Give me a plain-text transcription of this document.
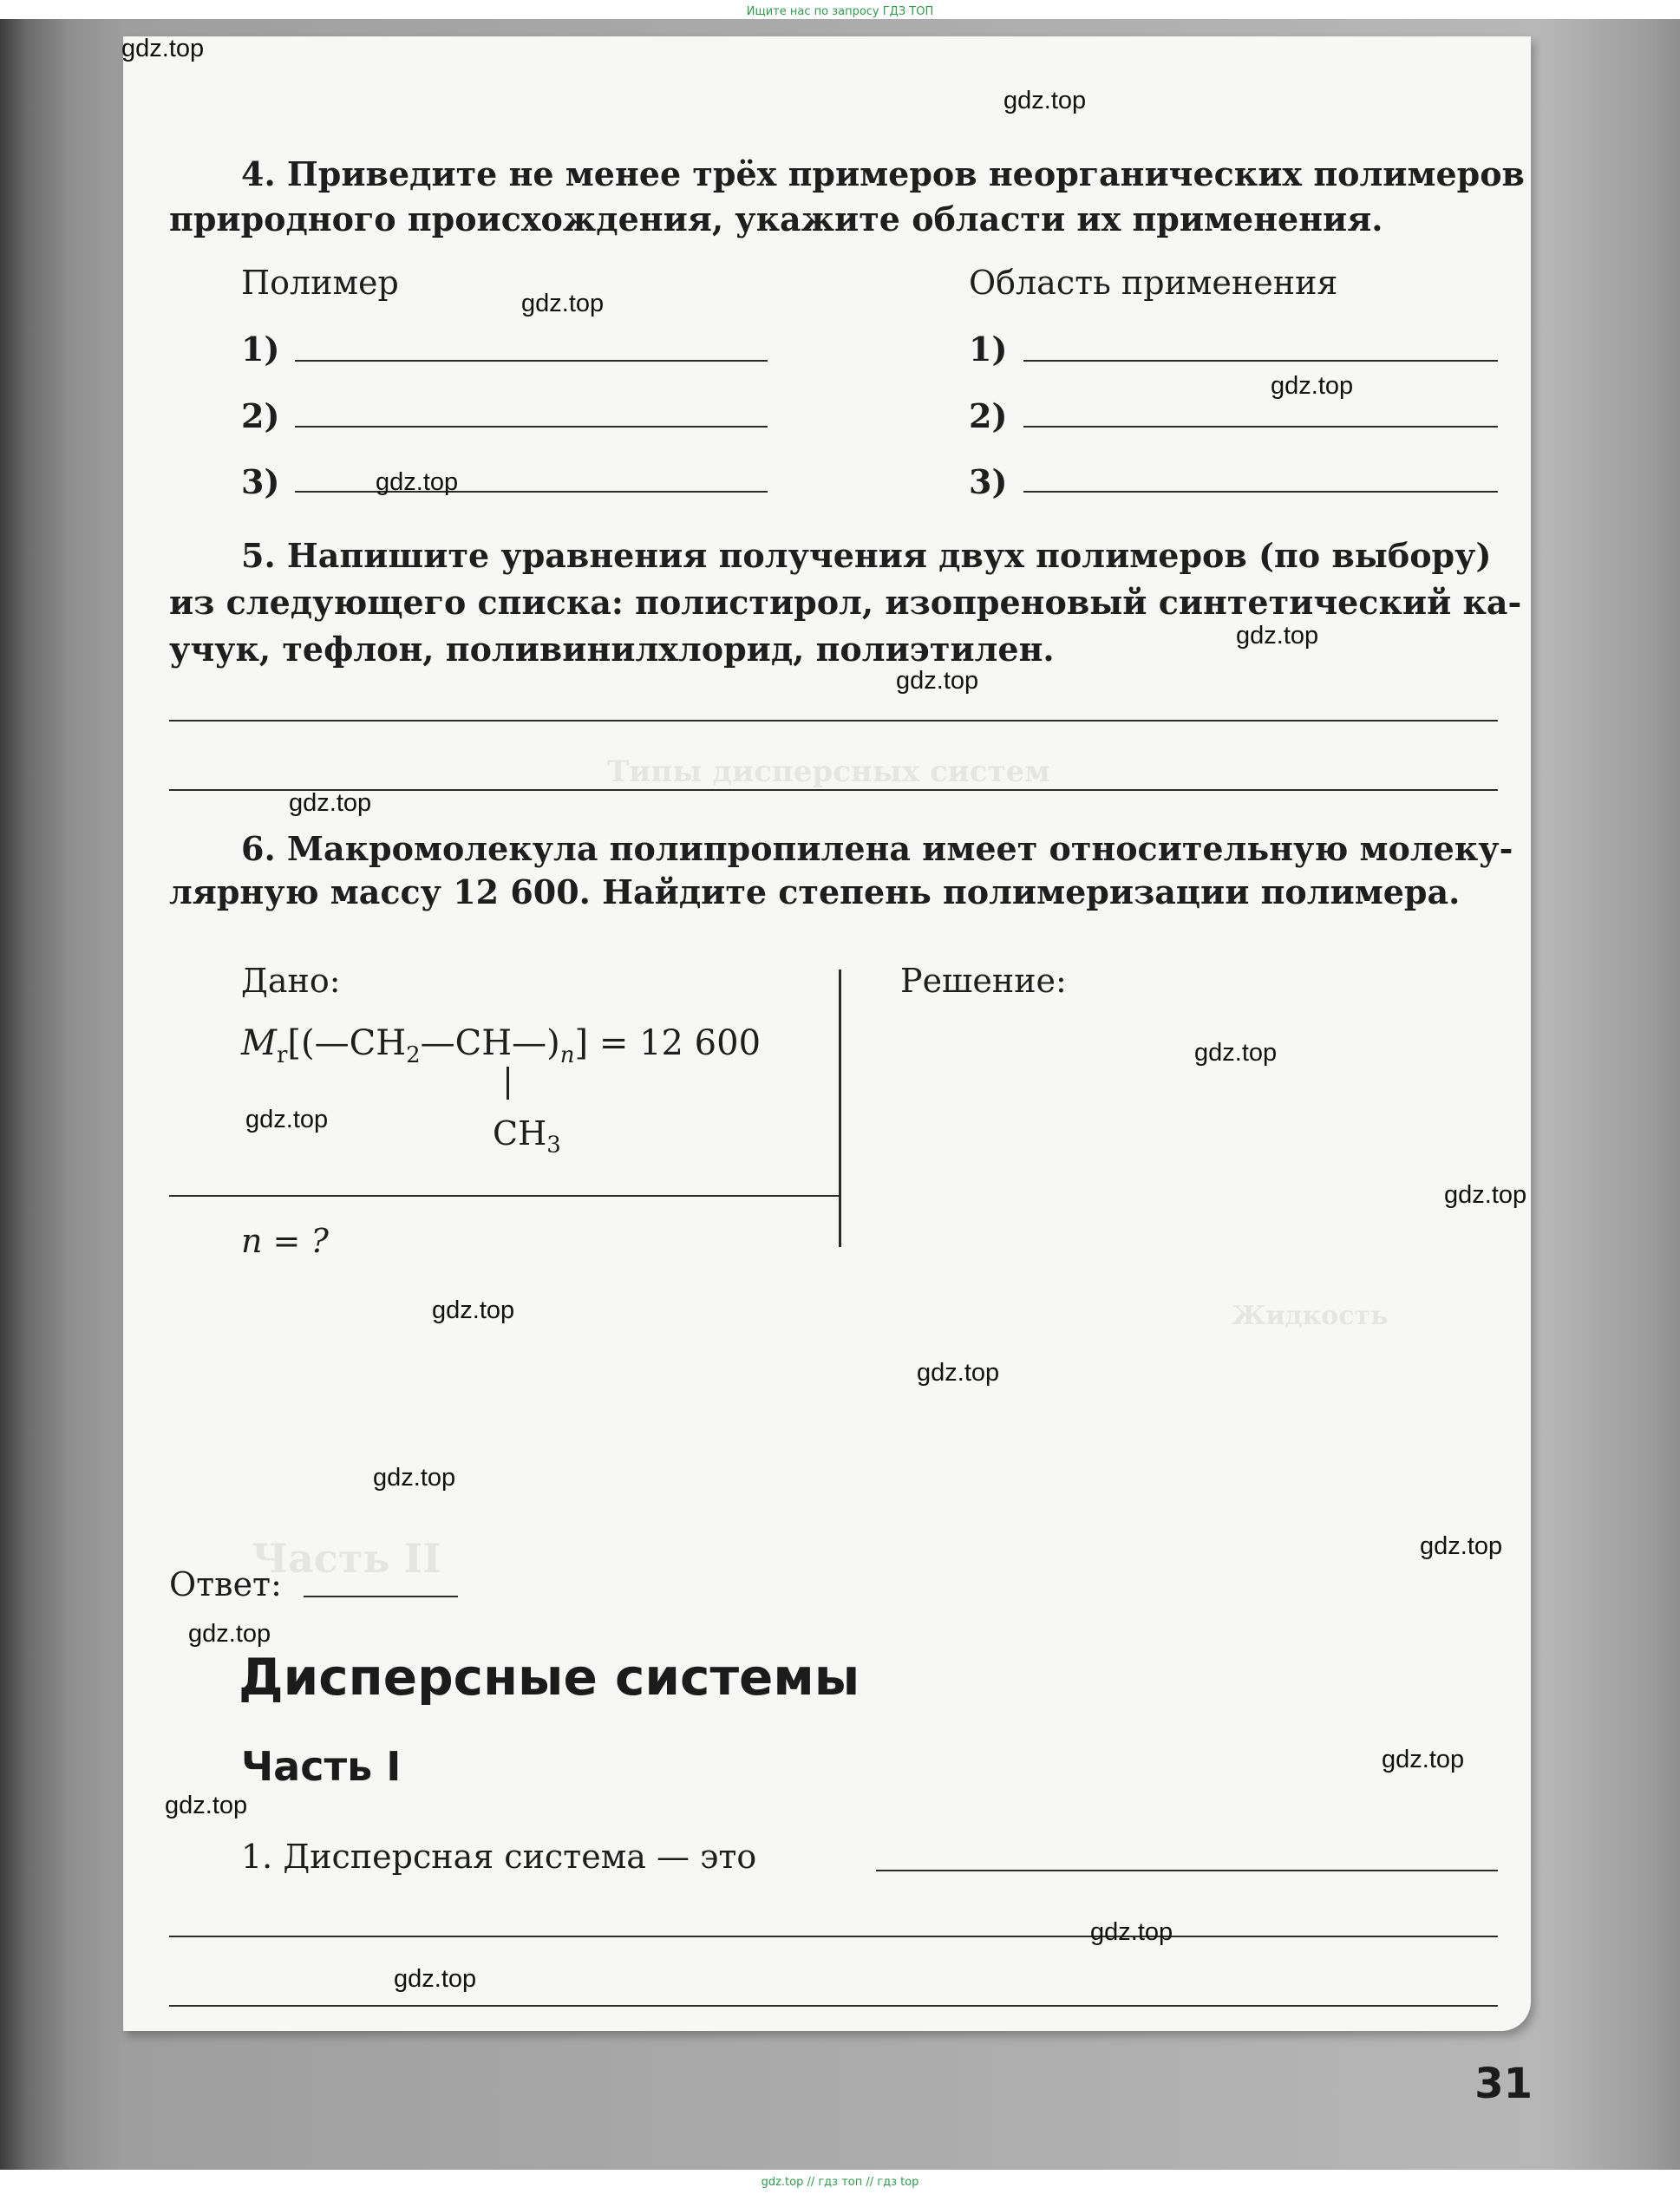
Часть II
Типы дисперсных систем
Жидкость
Ищите нас по запросу ГДЗ ТОП
4. Приведите не менее трёх примеров неорганических полимеров
природного происхождения, укажите области их применения.
Полимер	Область применения
1)	1)
2)	2)
3)	3)
5. Напишите уравнения получения двух полимеров (по выбору)
из следующего списка: полистирол, изопреновый синтетический ка-
учук, тефлон, поливинилхлорид, полиэтилен.
6. Макромолекула полипропилена имеет относительную молеку-
лярную массу 12 600. Найдите степень полимеризации полимера.
Дано:	Решение:
$M_r[(—CH_2—CH—)_n] = 12$ 600
$CH_3$
n = ?
Ответ:
Дисперсные системы
Часть I
1. Дисперсная система — это
31
gdz.top
gdz.top
gdz.top
gdz.top
gdz.top
gdz.top
gdz.top
gdz.top
gdz.top
gdz.top
gdz.top
gdz.top
gdz.top
gdz.top
gdz.top
gdz.top
gdz.top
gdz.top
gdz.top
gdz.top
gdz.top // гдз топ // гдз top
